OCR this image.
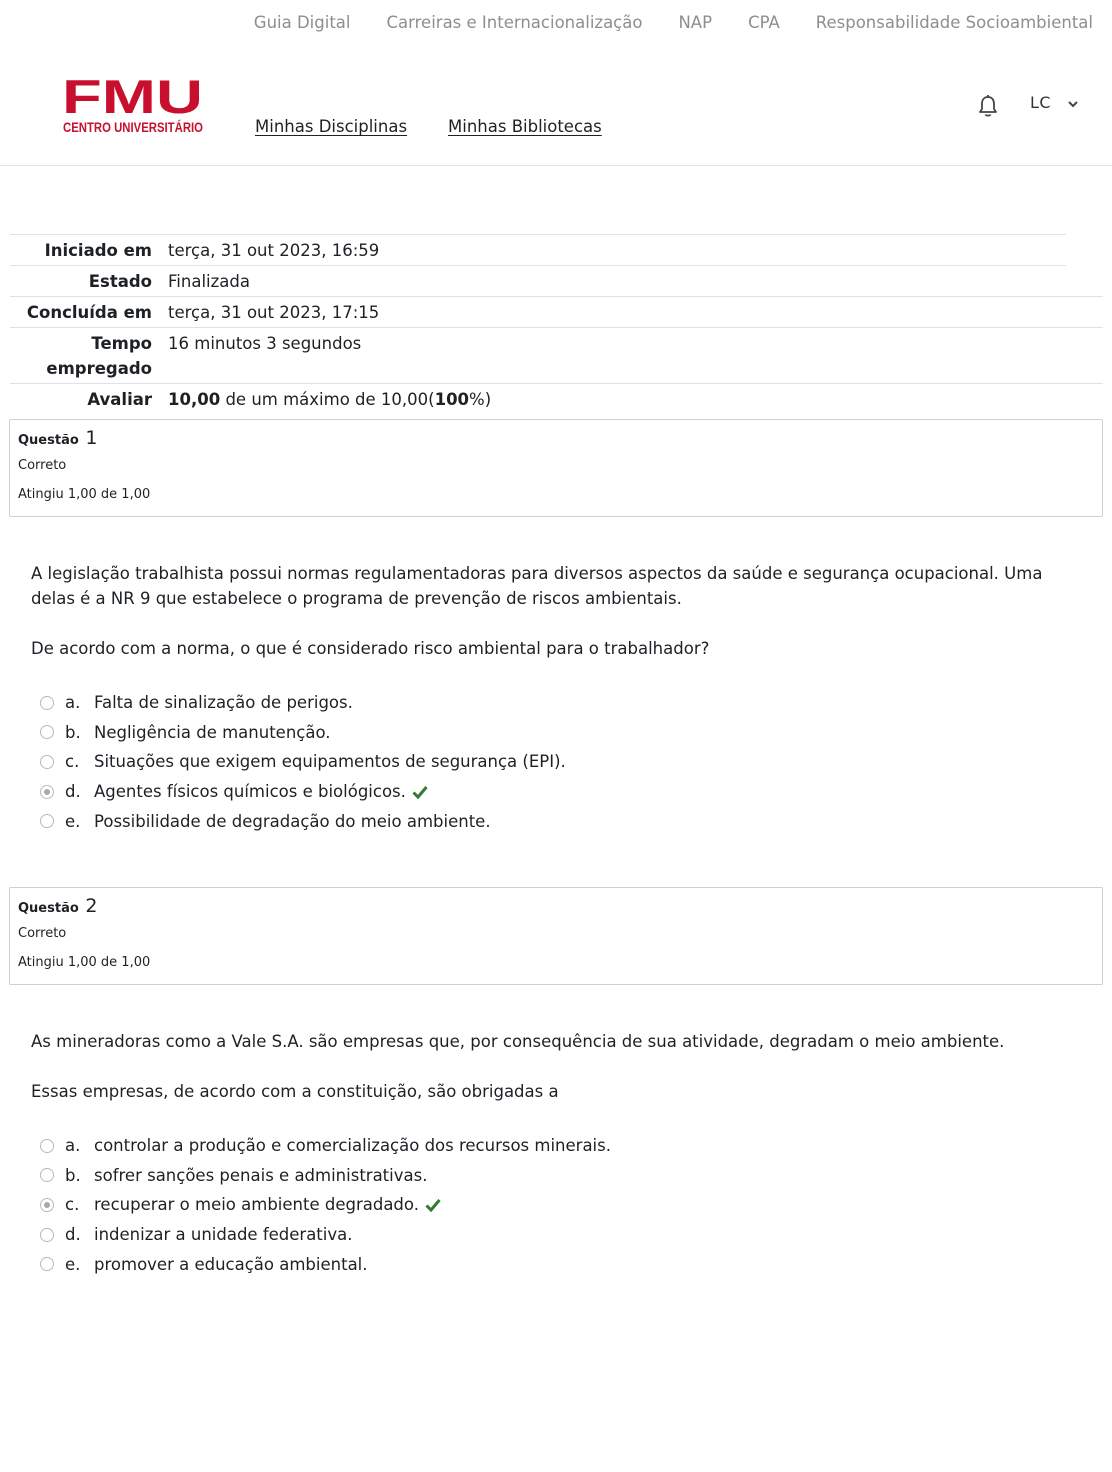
Guia Digital Carreiras e Internacionalização NAP CPA Responsabilidade Socioambiental
FMU
CENTRO UNIVERSITÁRIO	Minhas Disciplinas Minhas Bibliotecas
LC
Iniciado em terça, 31 out 2023, 16:59
Estado Finalizada
Concluída em terça, 31 out 2023, 17:15
Tempo
empregado
16 minutos 3 segundos
Avaliar 10,00 de um máximo de 10,00(100%)
Questão 1
Correto
Atingiu 1,00 de 1,00

A legislação trabalhista possui normas regulamentadoras para diversos aspectos da saúde e segurança ocupacional. Uma delas é a NR 9 que estabelece o programa de prevenção de riscos ambientais.

De acordo com a norma, o que é considerado risco ambiental para o trabalhador?

a. Falta de sinalização de perigos.
b. Negligência de manutenção.
c. Situações que exigem equipamentos de segurança (EPI).
d. Agentes físicos químicos e biológicos.
e. Possibilidade de degradação do meio ambiente.
Questão 2
Correto
Atingiu 1,00 de 1,00

As mineradoras como a Vale S.A. são empresas que, por consequência de sua atividade, degradam o meio ambiente.

Essas empresas, de acordo com a constituição, são obrigadas a

a. controlar a produção e comercialização dos recursos minerais.
b. sofrer sanções penais e administrativas.
c. recuperar o meio ambiente degradado.
d. indenizar a unidade federativa.
e. promover a educação ambiental.
